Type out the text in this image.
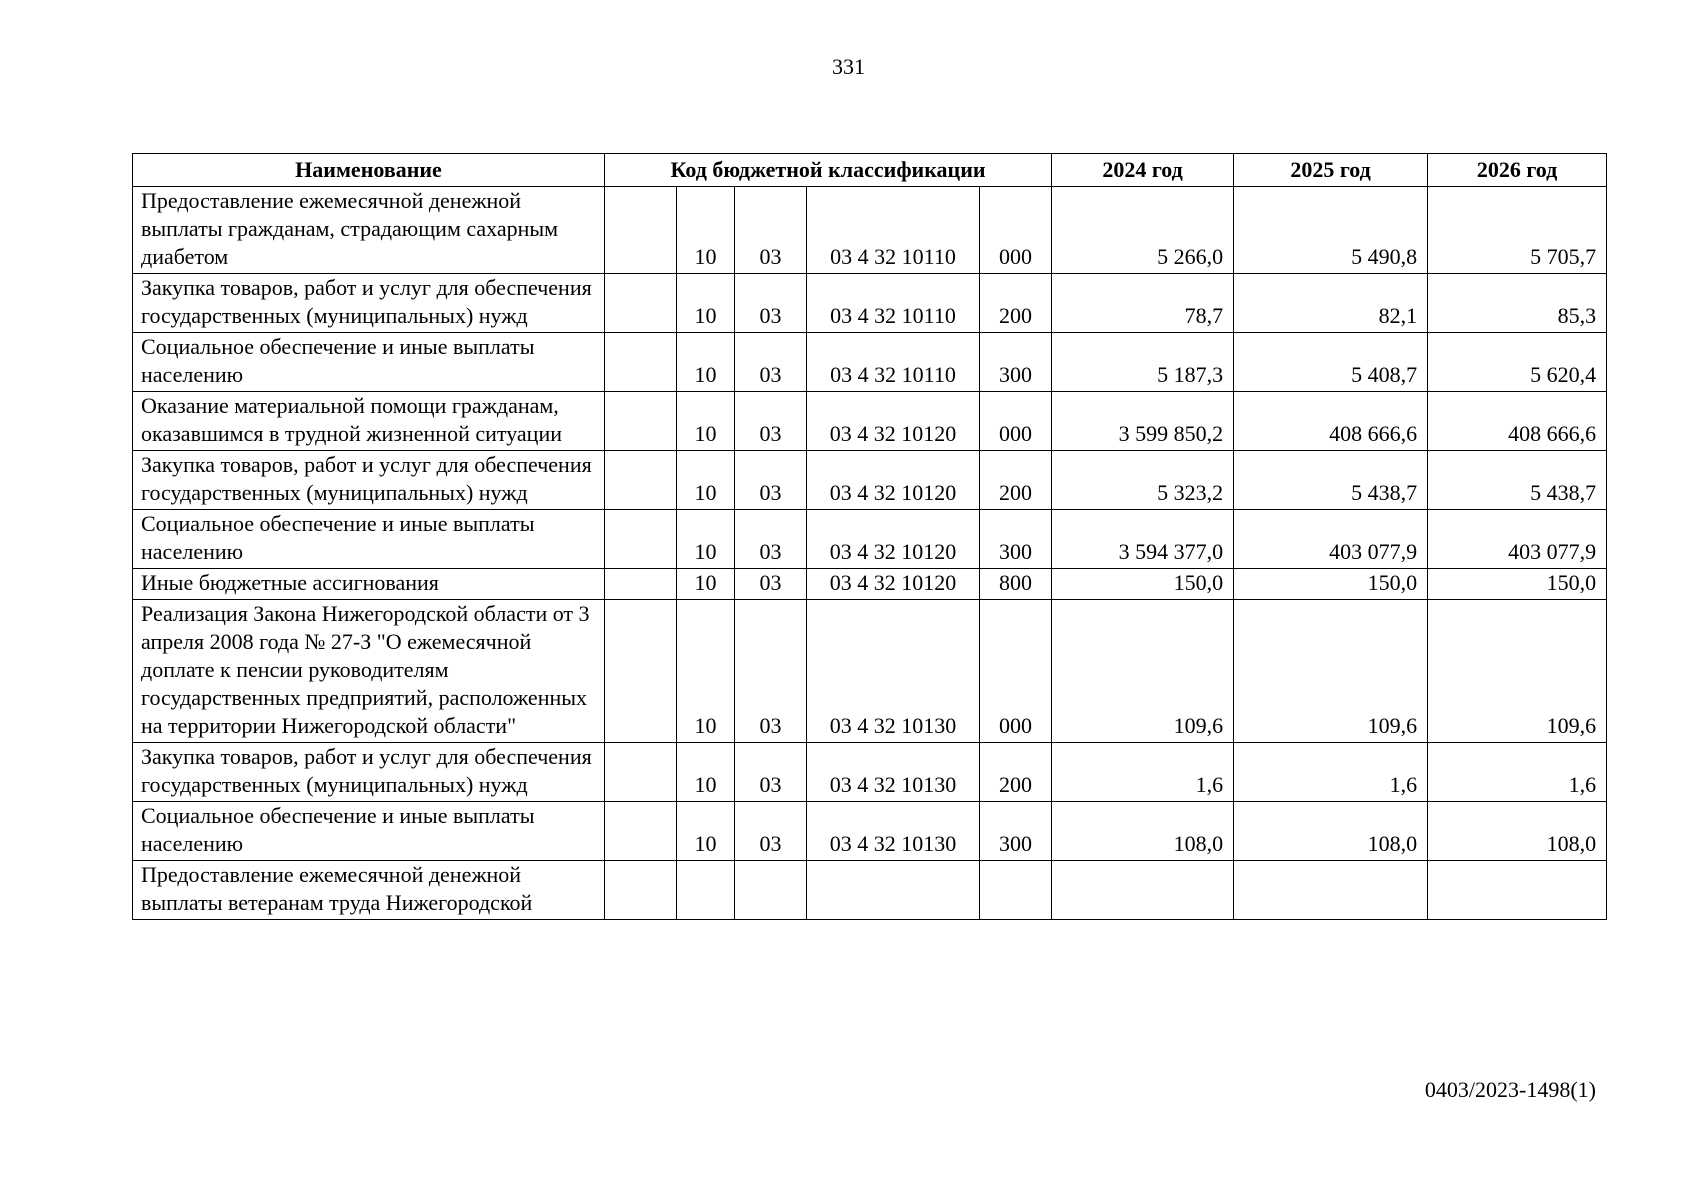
331
Наименование	Код бюджетной классификации					2024 год	2025 год	2026 год
Предоставление ежемесячной денежной выплаты гражданам, страдающим сахарным диабетом		10	03	03 4 32 10110	000	5 266,0	5 490,8	5 705,7
Закупка товаров, работ и услуг для обеспечения государственных (муниципальных) нужд		10	03	03 4 32 10110	200	78,7	82,1	85,3
Социальное обеспечение и иные выплаты населению		10	03	03 4 32 10110	300	5 187,3	5 408,7	5 620,4
Оказание материальной помощи гражданам, оказавшимся в трудной жизненной ситуации		10	03	03 4 32 10120	000	3 599 850,2	408 666,6	408 666,6
Закупка товаров, работ и услуг для обеспечения государственных (муниципальных) нужд		10	03	03 4 32 10120	200	5 323,2	5 438,7	5 438,7
Социальное обеспечение и иные выплаты населению		10	03	03 4 32 10120	300	3 594 377,0	403 077,9	403 077,9
Иные бюджетные ассигнования		10	03	03 4 32 10120	800	150,0	150,0	150,0
Реализация Закона Нижегородской области от 3 апреля 2008 года № 27-З "О ежемесячной доплате к пенсии руководителям государственных предприятий, расположенных на территории Нижегородской области"		10	03	03 4 32 10130	000	109,6	109,6	109,6
Закупка товаров, работ и услуг для обеспечения государственных (муниципальных) нужд		10	03	03 4 32 10130	200	1,6	1,6	1,6
Социальное обеспечение и иные выплаты населению		10	03	03 4 32 10130	300	108,0	108,0	108,0
Предоставление ежемесячной денежной выплаты ветеранам труда Нижегородской								
0403/2023-1498(1)
